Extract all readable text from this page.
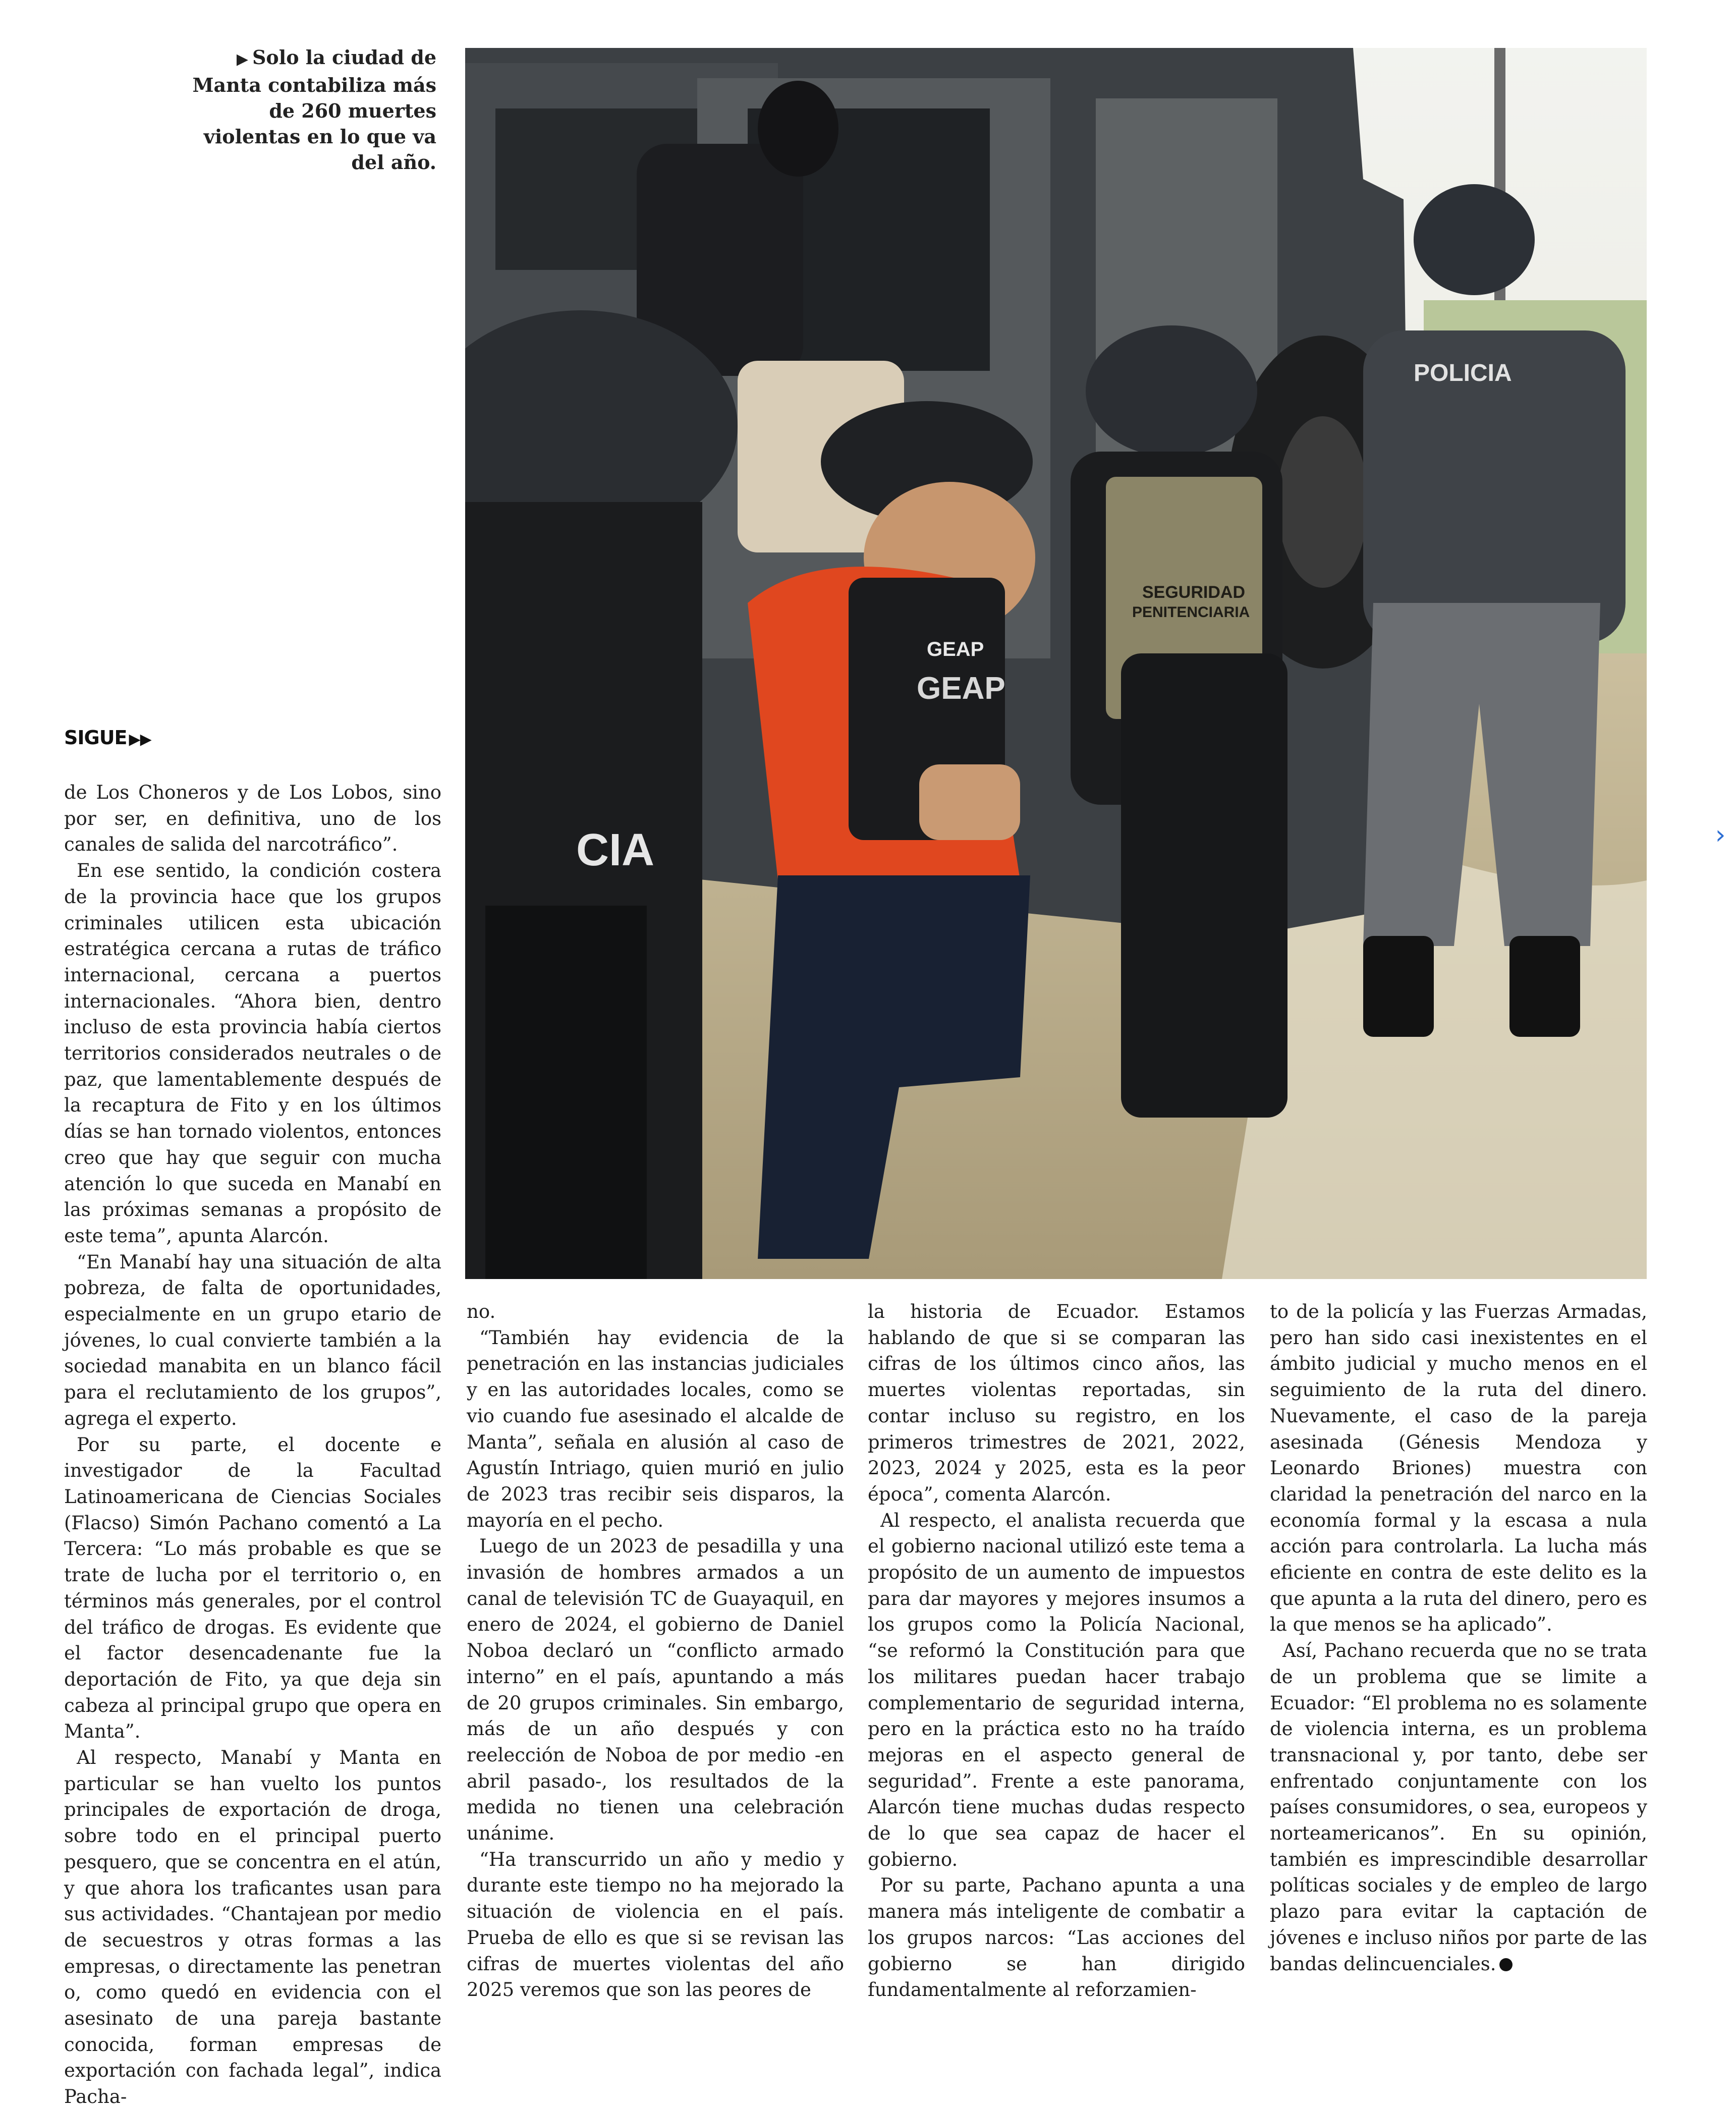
▶ Solo la ciudad de Manta contabiliza más de 260 muertes violentas en lo que va del año.
SEGURIDAD
PENITENCIARIA
GEAP
GEAP
CIA
POLICIA
SIGUE ▶▶

de Los Choneros y de Los Lobos, sino por ser, en definitiva, uno de los canales de salida del narcotráfico”.

En ese sentido, la condición costera de la provincia hace que los grupos criminales utilicen esta ubicación estratégica cercana a rutas de tráfico internacional, cercana a puertos internacionales. “Ahora bien, dentro incluso de esta provincia había ciertos territorios considerados neutrales o de paz, que lamentablemente después de la recaptura de Fito y en los últimos días se han tornado violentos, entonces creo que hay que seguir con mucha atención lo que suceda en Manabí en las próximas semanas a propósito de este tema”, apunta Alarcón.

“En Manabí hay una situación de alta pobreza, de falta de oportunidades, especialmente en un grupo etario de jóvenes, lo cual convierte también a la sociedad manabita en un blanco fácil para el reclutamiento de los grupos”, agrega el experto.

Por su parte, el docente e investigador de la Facultad Latinoamericana de Ciencias Sociales (Flacso) Simón Pachano comentó a La Tercera: “Lo más probable es que se trate de lucha por el territorio o, en términos más generales, por el control del tráfico de drogas. Es evidente que el factor desencadenante fue la deportación de Fito, ya que deja sin cabeza al principal grupo que opera en Manta”.

Al respecto, Manabí y Manta en particular se han vuelto los puntos principales de exportación de droga, sobre todo en el principal puerto pesquero, que se concentra en el atún, y que ahora los traficantes usan para sus actividades. “Chantajean por medio de secuestros y otras formas a las empresas, o directamente las penetran o, como quedó en evidencia con el asesinato de una pareja bastante conocida, forman empresas de exportación con fachada legal”, indica Pacha-

no.

“También hay evidencia de la penetración en las instancias judiciales y en las autoridades locales, como se vio cuando fue asesinado el alcalde de Manta”, señala en alusión al caso de Agustín Intriago, quien murió en julio de 2023 tras recibir seis disparos, la mayoría en el pecho.

Luego de un 2023 de pesadilla y una invasión de hombres armados a un canal de televisión TC de Guayaquil, en enero de 2024, el gobierno de Daniel Noboa declaró un “conflicto armado interno” en el país, apuntando a más de 20 grupos criminales. Sin embargo, más de un año después y con reelección de Noboa de por medio -en abril pasado-, los resultados de la medida no tienen una celebración unánime.

“Ha transcurrido un año y medio y durante este tiempo no ha mejorado la situación de violencia en el país. Prueba de ello es que si se revisan las cifras de muertes violentas del año 2025 veremos que son las peores de

la historia de Ecuador. Estamos hablando de que si se comparan las cifras de los últimos cinco años, las muertes violentas reportadas, sin contar incluso su registro, en los primeros trimestres de 2021, 2022, 2023, 2024 y 2025, esta es la peor época”, comenta Alarcón.

Al respecto, el analista recuerda que el gobierno nacional utilizó este tema a propósito de un aumento de impuestos para dar mayores y mejores insumos a los grupos como la Policía Nacional, “se reformó la Constitución para que los militares puedan hacer trabajo complementario de seguridad interna, pero en la práctica esto no ha traído mejoras en el aspecto general de seguridad”. Frente a este panorama, Alarcón tiene muchas dudas respecto de lo que sea capaz de hacer el gobierno.

Por su parte, Pachano apunta a una manera más inteligente de combatir a los grupos narcos: “Las acciones del gobierno se han dirigido fundamentalmente al reforzamien-

to de la policía y las Fuerzas Armadas, pero han sido casi inexistentes en el ámbito judicial y mucho menos en el seguimiento de la ruta del dinero. Nuevamente, el caso de la pareja asesinada (Génesis Mendoza y Leonardo Briones) muestra con claridad la penetración del narco en la economía formal y la escasa a nula acción para controlarla. La lucha más eficiente en contra de este delito es la que apunta a la ruta del dinero, pero es la que menos se ha aplicado”.

Así, Pachano recuerda que no se trata de un problema que se limite a Ecuador: “El problema no es solamente de violencia interna, es un problema transnacional y, por tanto, debe ser enfrentado conjuntamente con los países consumidores, o sea, europeos y norteamericanos”. En su opinión, también es imprescindible desarrollar políticas sociales y de empleo de largo plazo para evitar la captación de jóvenes e incluso niños por parte de las bandas delincuenciales.

›
